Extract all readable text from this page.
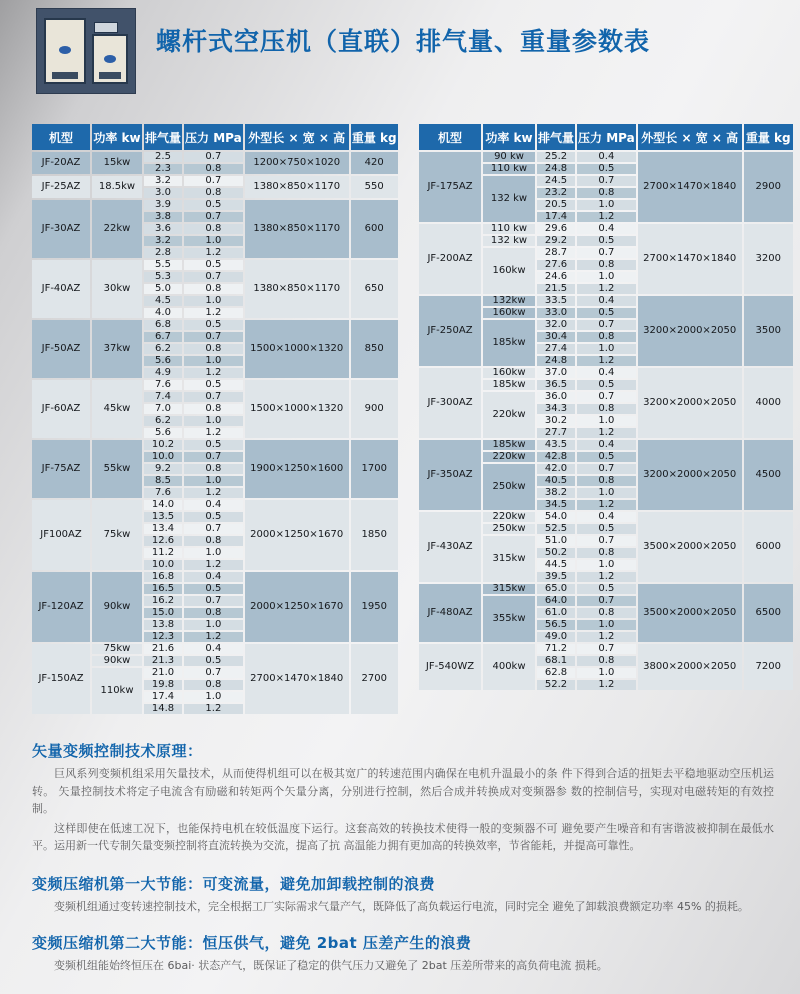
螺杆式空压机（直联）排气量、重量参数表
机型	功率 kw	排气量	压力 MPa	外型长 × 宽 × 高	重量 kg
JF-20AZ	15kw	2.5	0.7	1200×750×1020	420
		2.3	0.8		
JF-25AZ	18.5kw	3.2	0.7	1380×850×1170	550
		3.0	0.8		
JF-30AZ	22kw	3.9	0.5	1380×850×1170	600
		3.8	0.7		
		3.6	0.8		
		3.2	1.0		
		2.8	1.2		
JF-40AZ	30kw	5.5	0.5	1380×850×1170	650
		5.3	0.7		
		5.0	0.8		
		4.5	1.0		
		4.0	1.2		
JF-50AZ	37kw	6.8	0.5	1500×1000×1320	850
		6.7	0.7		
		6.2	0.8		
		5.6	1.0		
		4.9	1.2		
JF-60AZ	45kw	7.6	0.5	1500×1000×1320	900
		7.4	0.7		
		7.0	0.8		
		6.2	1.0		
		5.6	1.2		
JF-75AZ	55kw	10.2	0.5	1900×1250×1600	1700
		10.0	0.7		
		9.2	0.8		
		8.5	1.0		
		7.6	1.2		
JF100AZ	75kw	14.0	0.4	2000×1250×1670	1850
		13.5	0.5		
		13.4	0.7		
		12.6	0.8		
		11.2	1.0		
		10.0	1.2		
JF-120AZ	90kw	16.8	0.4	2000×1250×1670	1950
		16.5	0.5		
		16.2	0.7		
		15.0	0.8		
		13.8	1.0		
		12.3	1.2		
JF-150AZ	75kw	21.6	0.4	2700×1470×1840	2700
	90kw	21.3	0.5		
	110kw	21.0	0.7		
		19.8	0.8		
		17.4	1.0		
		14.8	1.2		
机型	功率 kw	排气量	压力 MPa	外型长 × 宽 × 高	重量 kg
JF-175AZ	90 kw	25.2	0.4	2700×1470×1840	2900
	110 kw	24.8	0.5		
	132 kw	24.5	0.7		
		23.2	0.8		
		20.5	1.0		
		17.4	1.2		
JF-200AZ	110 kw	29.6	0.4	2700×1470×1840	3200
	132 kw	29.2	0.5		
	160kw	28.7	0.7		
		27.6	0.8		
		24.6	1.0		
		21.5	1.2		
JF-250AZ	132kw	33.5	0.4	3200×2000×2050	3500
	160kw	33.0	0.5		
	185kw	32.0	0.7		
		30.4	0.8		
		27.4	1.0		
		24.8	1.2		
JF-300AZ	160kw	37.0	0.4	3200×2000×2050	4000
	185kw	36.5	0.5		
	220kw	36.0	0.7		
		34.3	0.8		
		30.2	1.0		
		27.7	1.2		
JF-350AZ	185kw	43.5	0.4	3200×2000×2050	4500
	220kw	42.8	0.5		
	250kw	42.0	0.7		
		40.5	0.8		
		38.2	1.0		
		34.5	1.2		
JF-430AZ	220kw	54.0	0.4	3500×2000×2050	6000
	250kw	52.5	0.5		
	315kw	51.0	0.7		
		50.2	0.8		
		44.5	1.0		
		39.5	1.2		
JF-480AZ	315kw	65.0	0.5	3500×2000×2050	6500
	355kw	64.0	0.7		
		61.0	0.8		
		56.5	1.0		
		49.0	1.2		
JF-540WZ	400kw	71.2	0.7	3800×2000×2050	7200
		68.1	0.8		
		62.8	1.0		
		52.2	1.2		
矢量变频控制技术原理：

巨风系列变频机组采用矢量技术，从而使得机组可以在极其宽广的转速范围内确保在电机升温最小的条 件下得到合适的扭矩去平稳地驱动空压机运转。 矢量控制技术将定子电流含有励磁和转矩两个矢量分离，分别进行控制，然后合成并转换成对变频器参 数的控制信号，实现对电磁转矩的有效控制。

这样即使在低速工况下，也能保持电机在较低温度下运行。这套高效的转换技术使得一般的变频器不可 避免要产生噪音和有害谐波被抑制在最低水平。运用新一代专制矢量变频控制将直流转换为交流，提高了抗 高温能力拥有更加高的转换效率，节省能耗，并提高可靠性。

变频压缩机第一大节能：可变流量，避免加卸载控制的浪费

变频机组通过变转速控制技术，完全根据工厂实际需求气量产气，既降低了高负载运行电流，同时完全 避免了卸载浪费额定功率 45% 的损耗。

变频压缩机第二大节能：恒压供气，避免 2bat 压差产生的浪费

变频机组能始终恒压在 6bai· 状态产气，既保证了稳定的供气压力又避免了 2bat 压差所带来的高负荷电流 损耗。
